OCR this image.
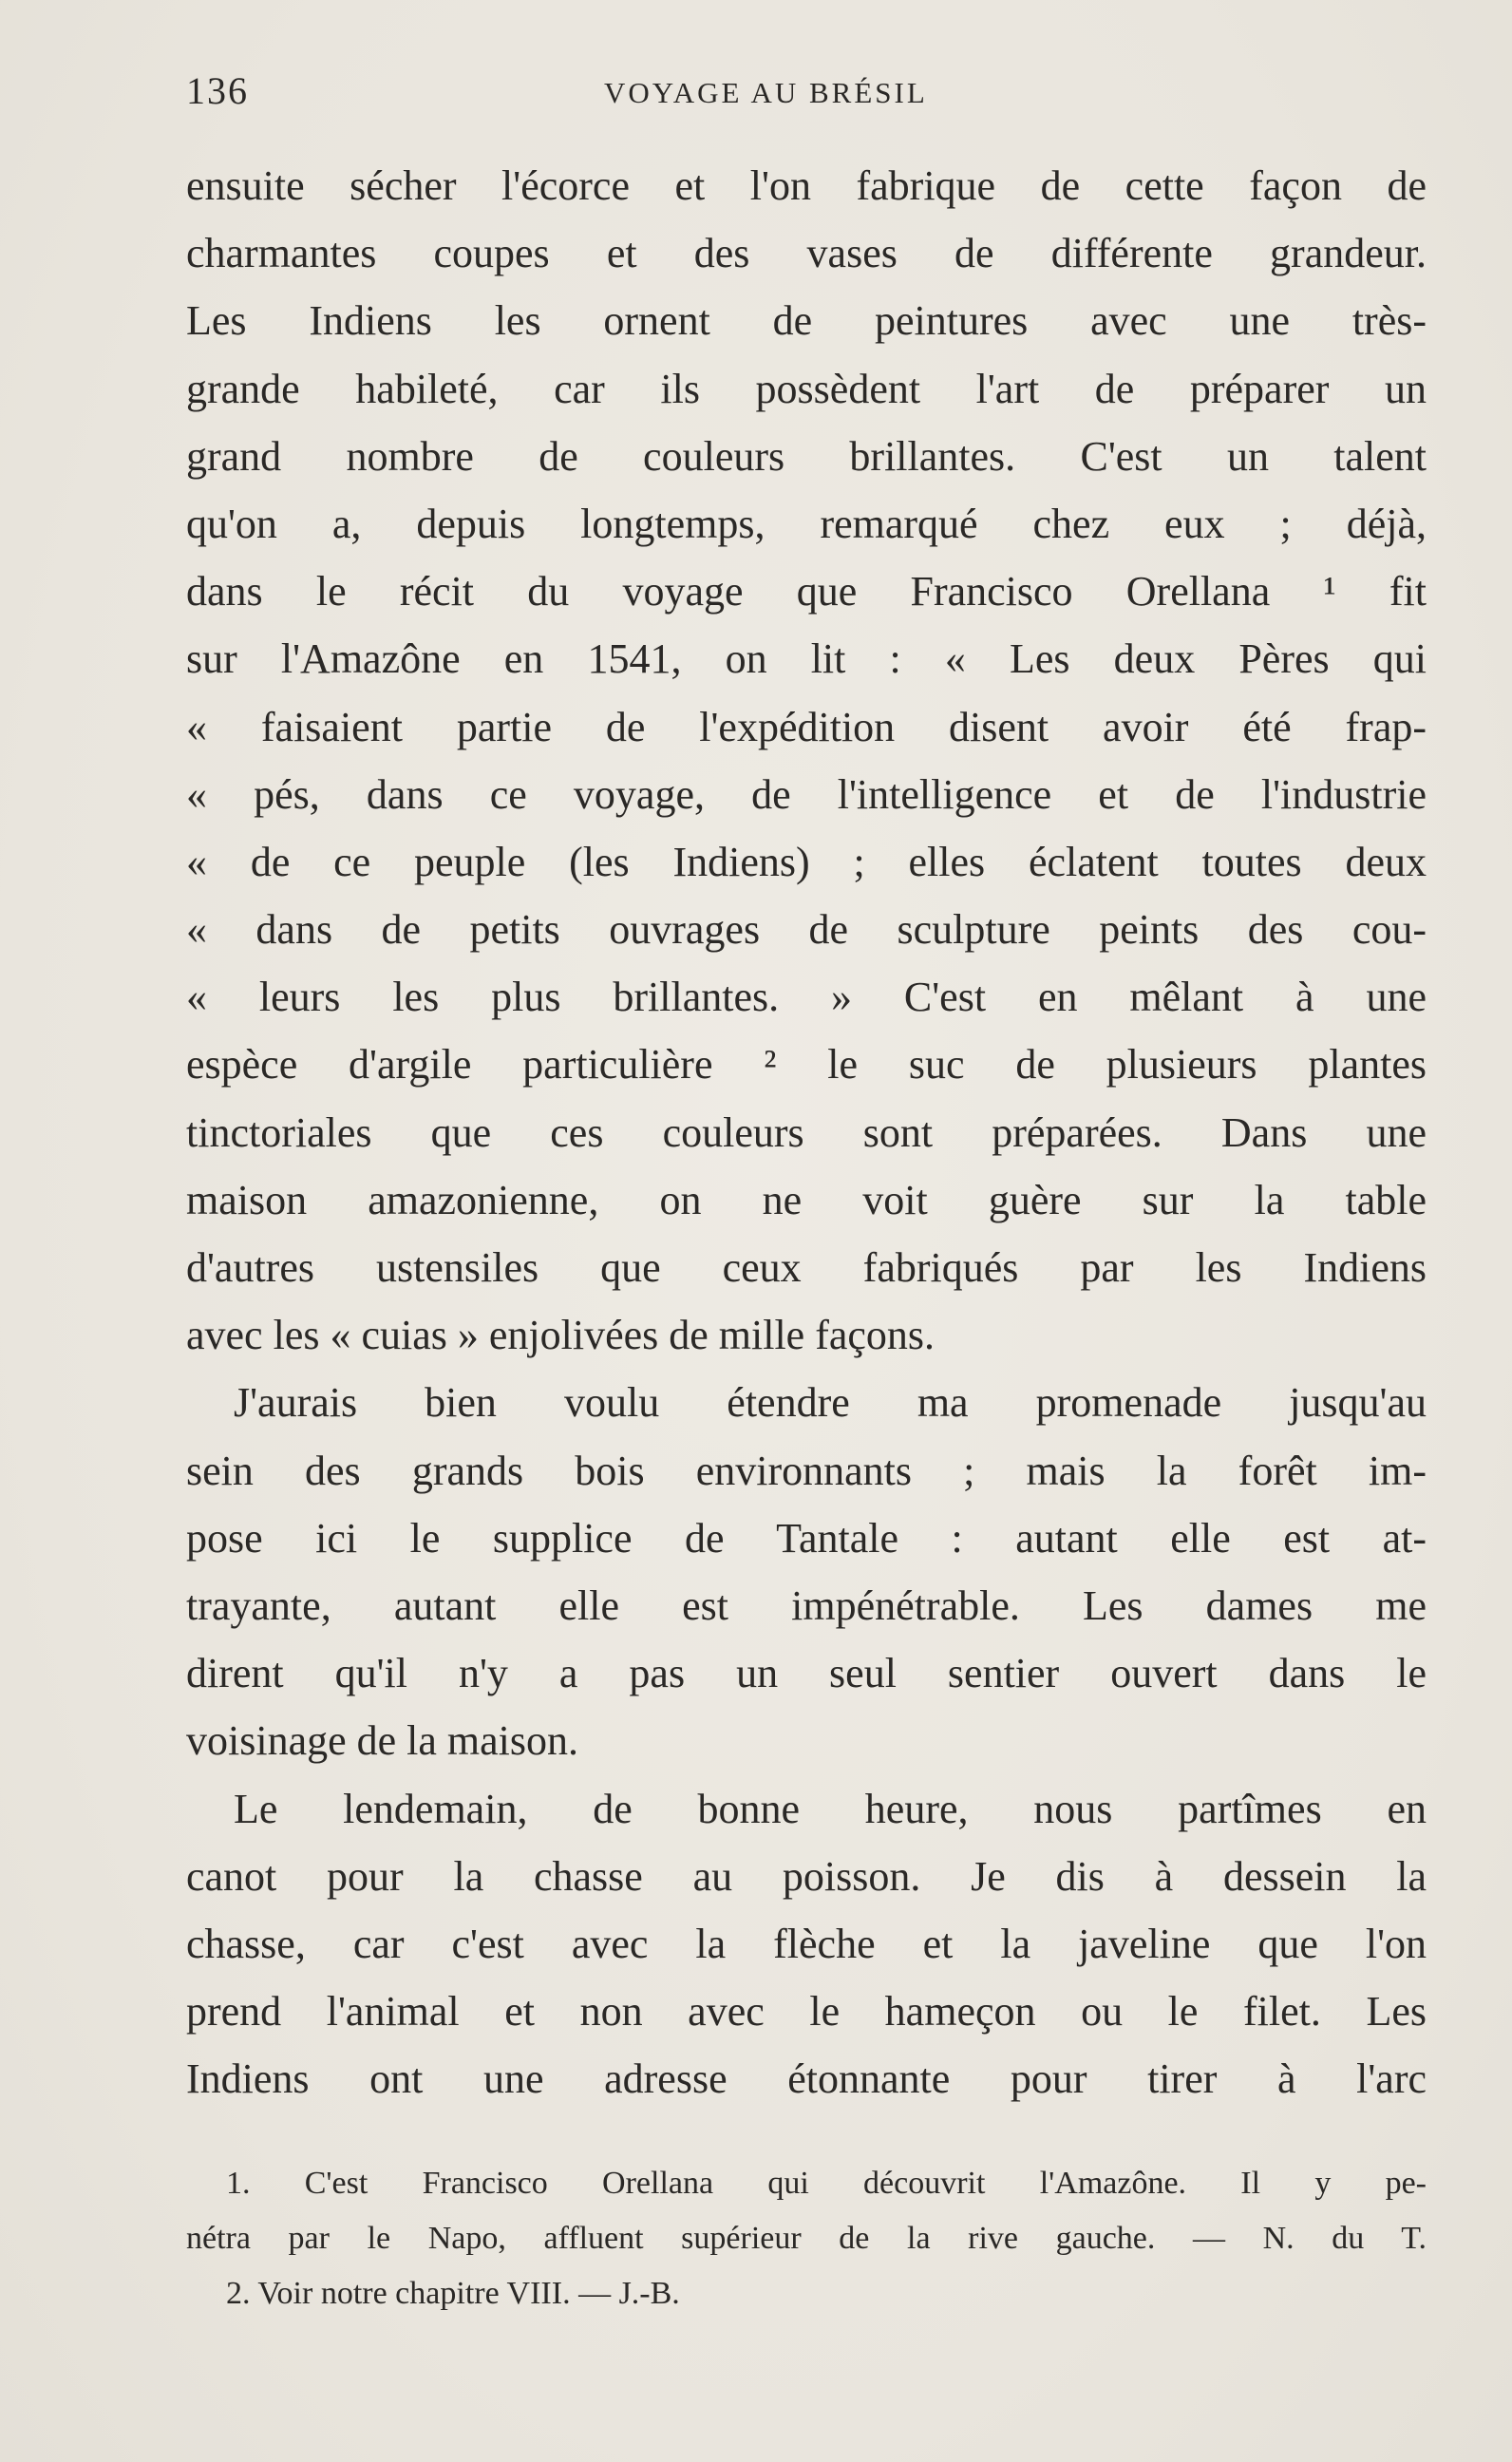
136	VOYAGE AU BRÉSIL
ensuite sécher l'écorce et l'on fabrique de cette façon de
charmantes coupes et des vases de différente grandeur.
Les Indiens les ornent de peintures avec une très-
grande habileté, car ils possèdent l'art de préparer un
grand nombre de couleurs brillantes. C'est un talent
qu'on a, depuis longtemps, remarqué chez eux ; déjà,
dans le récit du voyage que Francisco Orellana ¹ fit
sur l'Amazône en 1541, on lit : « Les deux Pères qui
« faisaient partie de l'expédition disent avoir été frap-
« pés, dans ce voyage, de l'intelligence et de l'industrie
« de ce peuple (les Indiens) ; elles éclatent toutes deux
« dans de petits ouvrages de sculpture peints des cou-
« leurs les plus brillantes. » C'est en mêlant à une
espèce d'argile particulière ² le suc de plusieurs plantes
tinctoriales que ces couleurs sont préparées. Dans une
maison amazonienne, on ne voit guère sur la table
d'autres ustensiles que ceux fabriqués par les Indiens
avec les « cuias » enjolivées de mille façons.
J'aurais bien voulu étendre ma promenade jusqu'au
sein des grands bois environnants ; mais la forêt im-
pose ici le supplice de Tantale : autant elle est at-
trayante, autant elle est impénétrable. Les dames me
dirent qu'il n'y a pas un seul sentier ouvert dans le
voisinage de la maison.
Le lendemain, de bonne heure, nous partîmes en
canot pour la chasse au poisson. Je dis à dessein la
chasse, car c'est avec la flèche et la javeline que l'on
prend l'animal et non avec le hameçon ou le filet. Les
Indiens ont une adresse étonnante pour tirer à l'arc
1. C'est Francisco Orellana qui découvrit l'Amazône. Il y pe-
nétra par le Napo, affluent supérieur de la rive gauche. — N. du T.
2. Voir notre chapitre VIII. — J.-B.
